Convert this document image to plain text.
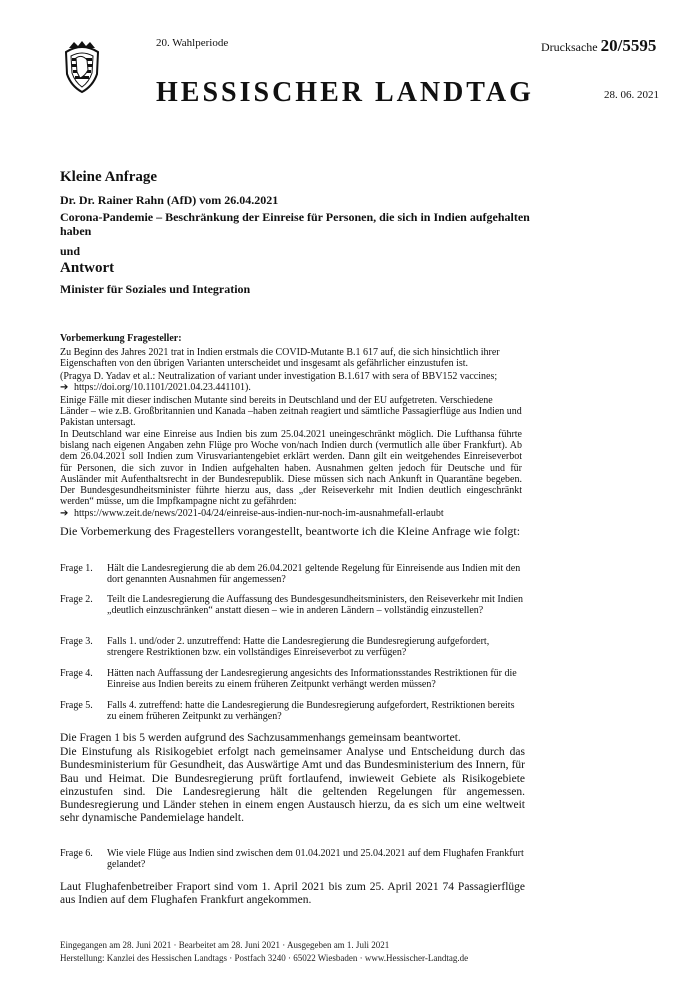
20. Wahlperiode	Drucksache 20/5595
HESSISCHER LANDTAG	28. 06. 2021
Kleine Anfrage
Dr. Dr. Rainer Rahn (AfD) vom 26.04.2021
Corona-Pandemie – Beschränkung der Einreise für Personen, die sich in Indien aufgehalten haben
und
Antwort
Minister für Soziales und Integration
Vorbemerkung Fragesteller:
Zu Beginn des Jahres 2021 trat in Indien erstmals die COVID-Mutante B.1 617 auf, die sich hinsichtlich ihrer Eigenschaften von den übrigen Varianten unterscheidet und insgesamt als gefährlicher einzustufen ist.
(Pragya D. Yadav et al.: Neutralization of variant under investigation B.1.617 with sera of BBV152 vaccines;
➔ https://doi.org/10.1101/2021.04.23.441101).
Einige Fälle mit dieser indischen Mutante sind bereits in Deutschland und der EU aufgetreten. Verschiedene Länder – wie z.B. Großbritannien und Kanada –haben zeitnah reagiert und sämtliche Passagierflüge aus Indien und Pakistan untersagt.
In Deutschland war eine Einreise aus Indien bis zum 25.04.2021 uneingeschränkt möglich. Die Lufthansa führte bislang nach eigenen Angaben zehn Flüge pro Woche von/nach Indien durch (vermutlich alle über Frankfurt). Ab dem 26.04.2021 soll Indien zum Virusvariantengebiet erklärt werden. Dann gilt ein weitgehendes Einreiseverbot für Personen, die sich zuvor in Indien aufgehalten haben. Ausnahmen gelten jedoch für Deutsche und für Ausländer mit Aufenthaltsrecht in der Bundesrepublik. Diese müssen sich nach Ankunft in Quarantäne begeben. Der Bundesgesundheitsminister führte hierzu aus, dass „der Reiseverkehr mit Indien deutlich eingeschränkt werden“ müsse, um die Impfkampagne nicht zu gefährden:
➔ https://www.zeit.de/news/2021-04/24/einreise-aus-indien-nur-noch-im-ausnahmefall-erlaubt
Die Vorbemerkung des Fragestellers vorangestellt, beantworte ich die Kleine Anfrage wie folgt:
Frage 1.	Hält die Landesregierung die ab dem 26.04.2021 geltende Regelung für Einreisende aus Indien mit den dort genannten Ausnahmen für angemessen?
Frage 2.	Teilt die Landesregierung die Auffassung des Bundesgesundheitsministers, den Reiseverkehr mit Indien „deutlich einzuschränken“ anstatt diesen – wie in anderen Ländern – vollständig einzustellen?
Frage 3.	Falls 1. und/oder 2. unzutreffend: Hatte die Landesregierung die Bundesregierung aufgefordert, strengere Restriktionen bzw. ein vollständiges Einreiseverbot zu verfügen?
Frage 4.	Hätten nach Auffassung der Landesregierung angesichts des Informationsstandes Restriktionen für die Einreise aus Indien bereits zu einem früheren Zeitpunkt verhängt werden müssen?
Frage 5.	Falls 4. zutreffend: hatte die Landesregierung die Bundesregierung aufgefordert, Restriktionen bereits zu einem früheren Zeitpunkt zu verhängen?
Die Fragen 1 bis 5 werden aufgrund des Sachzusammenhangs gemeinsam beantwortet.
Die Einstufung als Risikogebiet erfolgt nach gemeinsamer Analyse und Entscheidung durch das Bundesministerium für Gesundheit, das Auswärtige Amt und das Bundesministerium des Innern, für Bau und Heimat. Die Bundesregierung prüft fortlaufend, inwieweit Gebiete als Risikogebiete einzustufen sind. Die Landesregierung hält die geltenden Regelungen für angemessen. Bundesregierung und Länder stehen in einem engen Austausch hierzu, da es sich um eine weltweit sehr dynamische Pandemielage handelt.
Frage 6.	Wie viele Flüge aus Indien sind zwischen dem 01.04.2021 und 25.04.2021 auf dem Flughafen Frankfurt gelandet?
Laut Flughafenbetreiber Fraport sind vom 1. April 2021 bis zum 25. April 2021 74 Passagierflüge aus Indien auf dem Flughafen Frankfurt angekommen.
Eingegangen am 28. Juni 2021 · Bearbeitet am 28. Juni 2021 · Ausgegeben am 1. Juli 2021
Herstellung: Kanzlei des Hessischen Landtags · Postfach 3240 · 65022 Wiesbaden · www.Hessischer-Landtag.de
